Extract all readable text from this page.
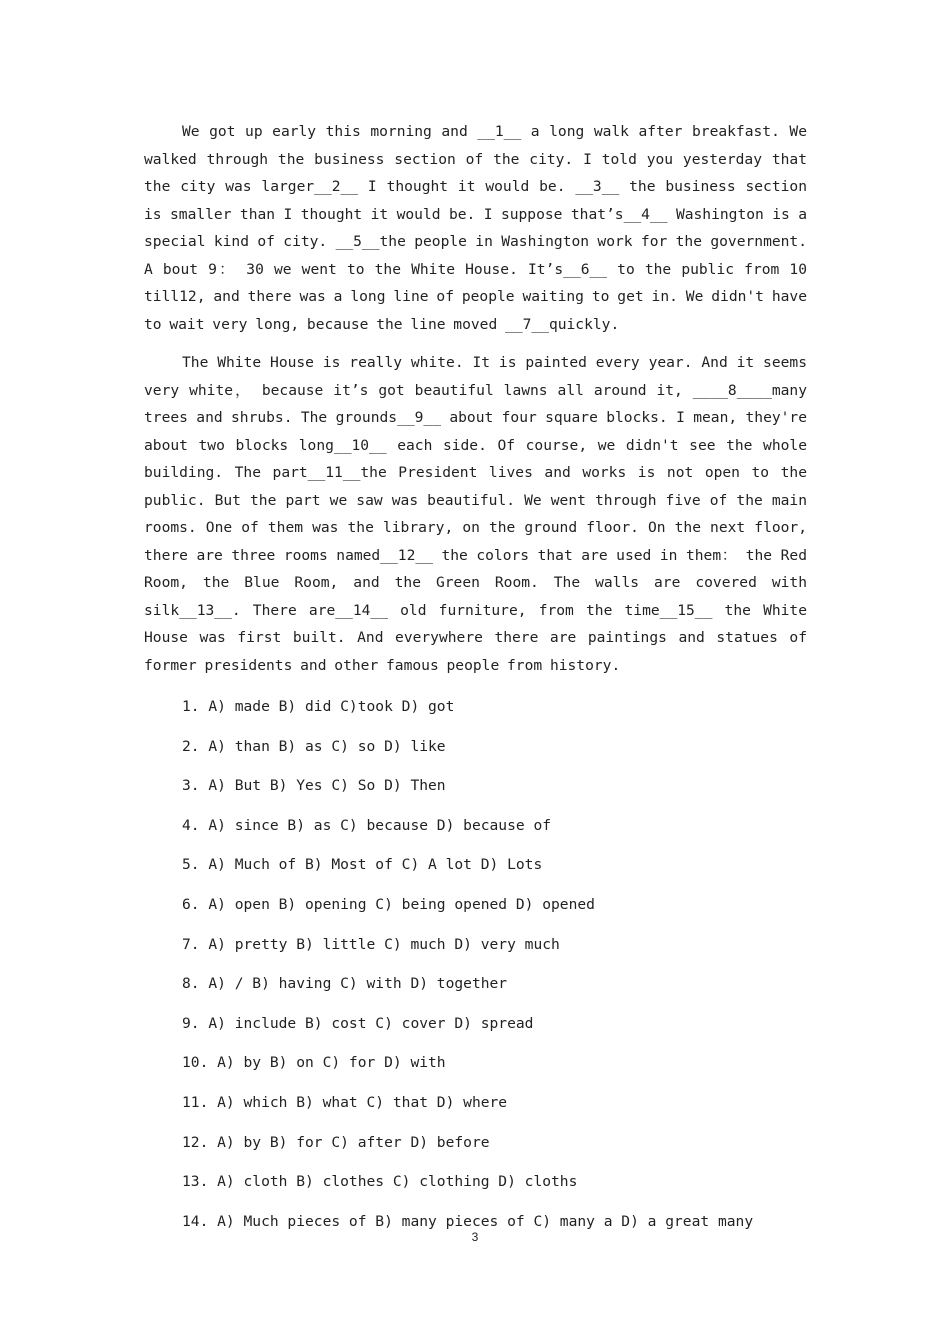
We got up early this morning and __1__ a long walk after breakfast. We walked through the business section of the city. I told you yesterday that the city was larger__2__ I thought it would be. __3__ the business section is smaller than I thought it would be. I suppose that’s__4__ Washington is a special kind of city. __5__the people in Washington work for the government. A bout 9： 30 we went to the White House. It’s__6__ to the public from 10 till12, and there was a long line of people waiting to get in. We didn't have to wait very long, because the line moved __7__quickly.

The White House is really white. It is painted every year. And it seems very white， because it’s got beautiful lawns all around it, ____8____many trees and shrubs. The grounds__9__ about four square blocks. I mean, they're about two blocks long__10__ each side. Of course, we didn't see the whole building. The part__11__the President lives and works is not open to the public. But the part we saw was beautiful. We went through five of the main rooms. One of them was the library, on the ground floor. On the next floor, there are three rooms named__12__ the colors that are used in them： the Red Room, the Blue Room, and the Green Room. The walls are covered with silk__13__. There are__14__ old furniture, from the time__15__ the White House was first built. And everywhere there are paintings and statues of former presidents and other famous people from history.

1. A) made B) did C)took D) got
2. A) than B) as C) so D) like
3. A) But B) Yes C) So D) Then
4. A) since B) as C) because D) because of
5. A) Much of B) Most of C) A lot D) Lots
6. A) open B) opening C) being opened D) opened
7. A) pretty B) little C) much D) very much
8. A) / B) having C) with D) together
9. A) include B) cost C) cover D) spread
10. A) by B) on C) for D) with
11. A) which B) what C) that D) where
12. A) by B) for C) after D) before
13. A) cloth B) clothes C) clothing D) cloths
14. A) Much pieces of B) many pieces of C) many a D) a great many
3
